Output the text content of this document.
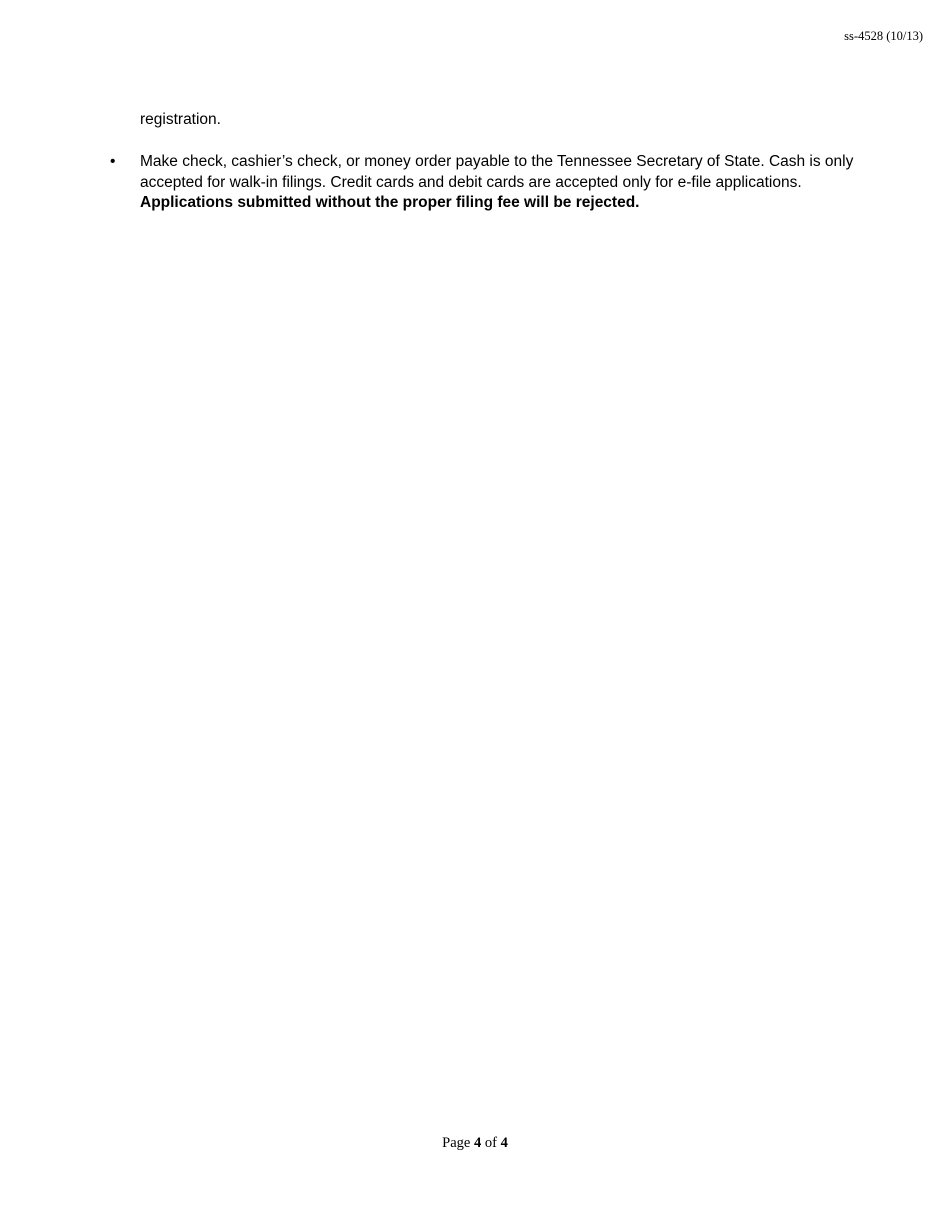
ss-4528 (10/13)
registration.
• Make check, cashier’s check, or money order payable to the Tennessee Secretary of State. Cash is only
accepted for walk-in filings. Credit cards and debit cards are accepted only for e-file applications.
Applications submitted without the proper filing fee will be rejected.
Page 4 of 4
